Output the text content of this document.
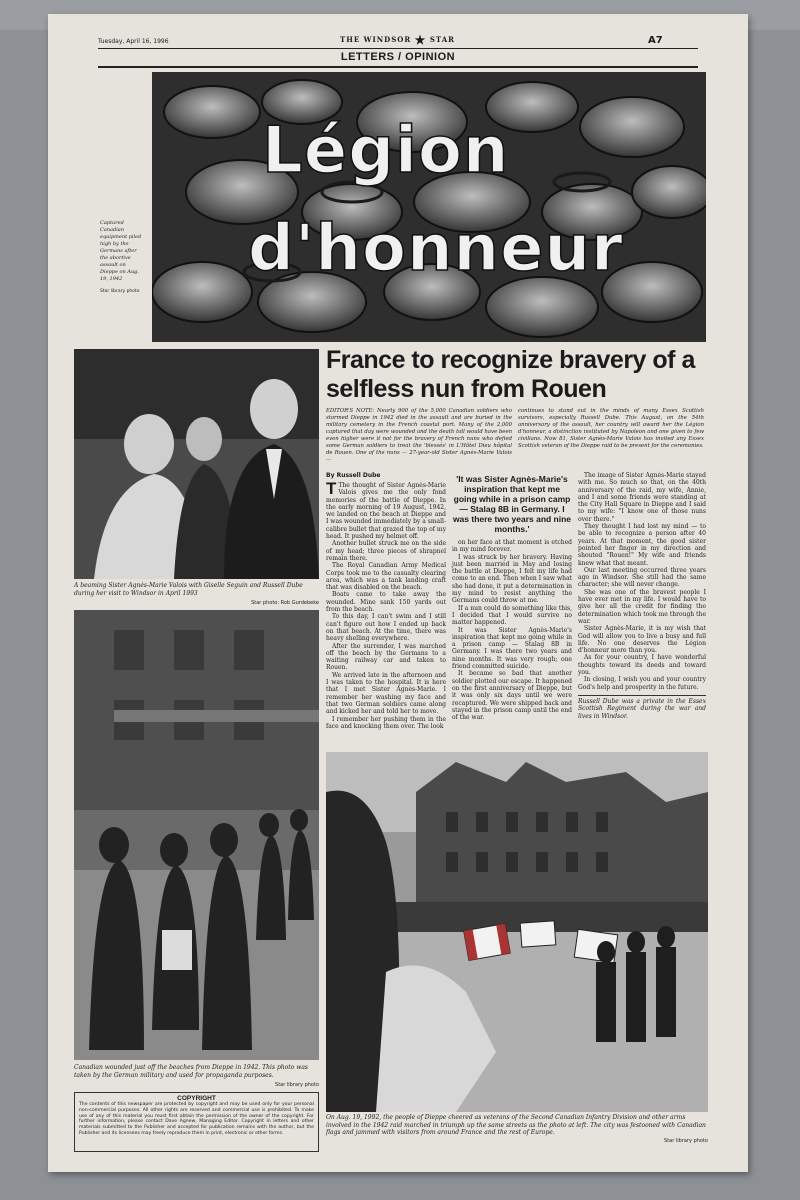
Tuesday, April 16, 1996	THE WINDSOR ★ STAR	A7
LETTERS / OPINION
Captured Canadian equipment piled high by the Germans after the abortive assault on Dieppe on Aug. 19, 1942
Star library photo
Légion
d'honneur
A beaming Sister Agnès-Marie Valois with Giselle Seguin and Russell Dube during her visit to Windsor in April 1993
Star photo: Rob Gurdebeke
France to recognize bravery of a selfless nun from Rouen
EDITOR'S NOTE: Nearly 900 of the 5,000 Canadian soldiers who stormed Dieppe in 1942 died in the assault and are buried in the military cemetery in the French coastal port. Many of the 2,000 captured that day were wounded and the death toll would have been even higher were it not for the bravery of French nuns who defied some German soldiers to treat the 'blessés' in L'Hôtel Dieu hôpital de Rouen. One of the nuns — 27-year-old Sister Agnès-Marie Valois —
continues to stand out in the minds of many Essex Scottish survivors, especially Russell Dube. This August, on the 54th anniversary of the assault, her country will award her the Légion d'honneur, a distinction instituted by Napoleon and one given to few civilians. Now 81, Sister Agnès-Marie Valois has invited any Essex Scottish veteran of the Dieppe raid to be present for the ceremonies.
By Russell Dube

T The thought of Sister Agnès-Marie Valois gives me the only fond memories of the battle of Dieppe. In the early morning of 19 August, 1942, we landed on the beach at Dieppe and I was wounded immediately by a small-calibre bullet that grazed the top of my head. It pushed my helmet off.

Another bullet struck me on the side of my head; three pieces of shrapnel remain there.

The Royal Canadian Army Medical Corps took me to the casualty clearing area, which was a tank landing craft that was disabled on the beach.

Boats came to take away the wounded. Mine sank 150 yards out from the beach.

To this day, I can't swim and I still can't figure out how I ended up back on that beach. At the time, there was heavy shelling everywhere.

After the surrender, I was marched off the beach by the Germans to a waiting railway car and taken to Rouen.

We arrived late in the afternoon and I was taken to the hospital. It is here that I met Sister Agnès-Marie. I remember her washing my face and that two German soldiers came along and kicked her and told her to move.

I remember her pushing them in the face and knocking them over. The look

'It was Sister Agnès-Marie's inspiration that kept me going while in a prison camp — Stalag 8B in Germany. I was there two years and nine months.'

on her face at that moment is etched in my mind forever.

I was struck by her bravery. Having just been married in May and losing the battle at Dieppe, I felt my life had come to an end. Then when I saw what she had done, it put a determination in my mind to resist anything the Germans could throw at me.

If a nun could do something like this, I decided that I would survive no matter happened.

It was Sister Agnès-Marie's inspiration that kept me going while in a prison camp — Stalag 8B in Germany. I was there two years and nine months. It was very rough; one friend committed suicide.

It became so bad that another soldier plotted our escape. It happened on the first anniversary of Dieppe, but it was only six days until we were recaptured. We were shipped back and stayed in the prison camp until the end of the war.

The image of Sister Agnès-Marie stayed with me. So much so that, on the 40th anniversary of the raid, my wife, Annie, and I and some friends were standing at the City Hall Square in Dieppe and I said to my wife: "I know one of those nuns over there."

They thought I had lost my mind — to be able to recognize a person after 40 years. At that moment, the good sister pointed her finger in my direction and shouted "Rouen!" My wife and friends knew what that meant.

Our last meeting occurred three years ago in Windsor. She still had the same character; she will never change.

She was one of the bravest people I have ever met in my life. I would have to give her all the credit for finding the determination which took me through the war.

Sister Agnès-Marie, it is my wish that God will allow you to live a busy and full life. No one deserves the Légion d'honneur more than you.

As for your country, I have wonderful thoughts toward its deeds and toward you.

In closing, I wish you and your country God's help and prosperity in the future.

Russell Dube was a private in the Essex Scottish Regiment during the war and lives in Windsor.

Canadian wounded just off the beaches from Dieppe in 1942. This photo was taken by the German military and used for propaganda purposes.
Star library photo
COPYRIGHT

The contents of this newspaper are protected by copyright and may be used only for your personal non-commercial purposes. All other rights are reserved and commercial use is prohibited. To make use of any of this material you must first obtain the permission of the owner of the copyright. For further information, please contact Dave Agnew, Managing Editor. Copyright in letters and other materials submitted to the Publisher and accepted for publication remains with the author, but the Publisher and its licensees may freely reproduce them in print, electronic or other forms.

On Aug. 19, 1992, the people of Dieppe cheered as veterans of the Second Canadian Infantry Division and other arms involved in the 1942 raid marched in triumph up the same streets as the photo at left. The city was festooned with Canadian flags and jammed with visitors from around France and the rest of Europe.
Star library photo
